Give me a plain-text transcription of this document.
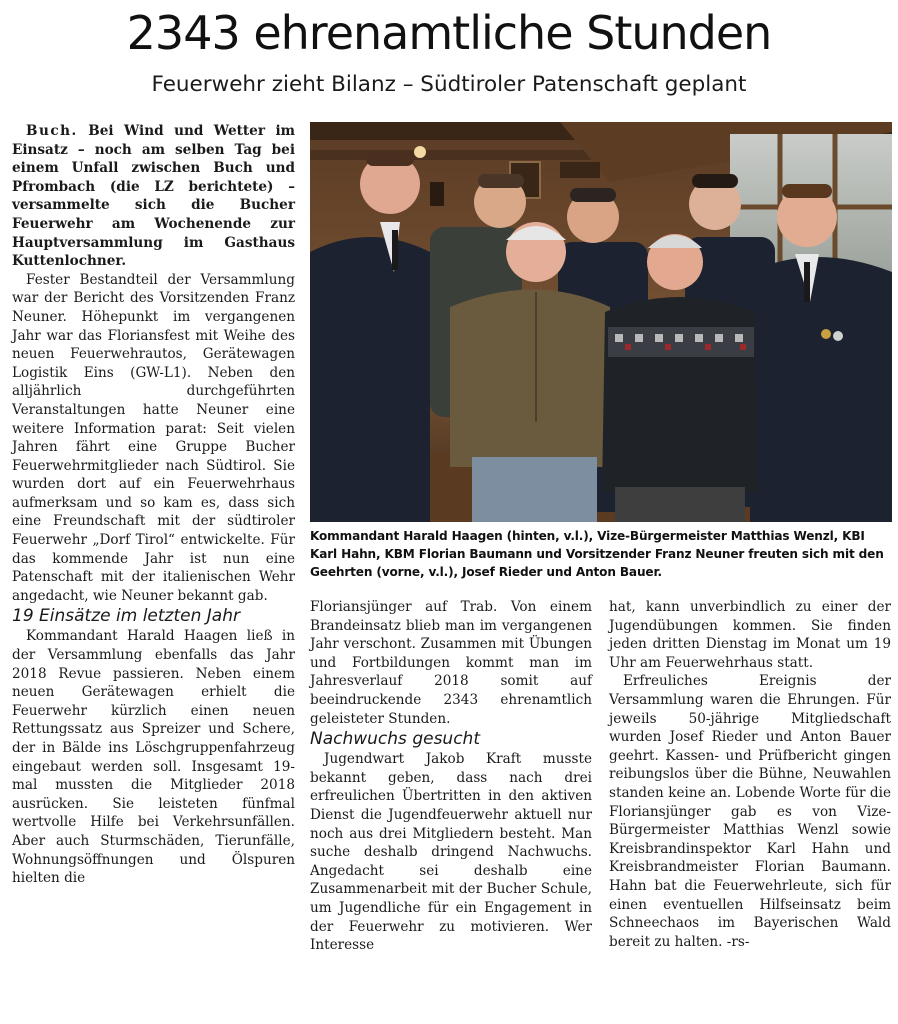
2343 ehrenamtliche Stunden
Feuerwehr zieht Bilanz – Südtiroler Patenschaft geplant

Buch. Bei Wind und Wetter im Einsatz – noch am selben Tag bei einem Unfall zwischen Buch und Pfrombach (die LZ berichtete) – versammelte sich die Bucher Feuerwehr am Wochenende zur Hauptversammlung im Gasthaus Kuttenlochner.

Fester Bestandteil der Versammlung war der Bericht des Vorsitzenden Franz Neuner. Höhepunkt im vergangenen Jahr war das Floriansfest mit Weihe des neuen Feuerwehrautos, Gerätewagen Logistik Eins (GW-L1). Neben den alljährlich durchgeführten Veranstaltungen hatte Neuner eine weitere Information parat: Seit vielen Jahren fährt eine Gruppe Bucher Feuerwehrmitglieder nach Südtirol. Sie wurden dort auf ein Feuerwehrhaus aufmerksam und so kam es, dass sich eine Freundschaft mit der südtiroler Feuerwehr „Dorf Tirol“ entwickelte. Für das kommende Jahr ist nun eine Patenschaft mit der italienischen Wehr angedacht, wie Neuner bekannt gab.

19 Einsätze im letzten Jahr

Kommandant Harald Haagen ließ in der Versammlung ebenfalls das Jahr 2018 Revue passieren. Neben einem neuen Gerätewagen erhielt die Feuerwehr kürzlich einen neuen Rettungssatz aus Spreizer und Schere, der in Bälde ins Löschgruppenfahrzeug eingebaut werden soll. Insgesamt 19-mal mussten die Mitglieder 2018 ausrücken. Sie leisteten fünfmal wertvolle Hilfe bei Verkehrsunfällen. Aber auch Sturmschäden, Tierunfälle, Wohnungsöffnungen und Ölspuren hielten die

Kommandant Harald Haagen (hinten, v.l.), Vize-Bürgermeister Matthias Wenzl, KBI Karl Hahn, KBM Florian Baumann und Vorsitzender Franz Neuner freuten sich mit den Geehrten (vorne, v.l.), Josef Rieder und Anton Bauer.

Floriansjünger auf Trab. Von einem Brandeinsatz blieb man im vergangenen Jahr verschont. Zusammen mit Übungen und Fortbildungen kommt man im Jahresverlauf 2018 somit auf beeindruckende 2343 ehrenamtlich geleisteter Stunden.

Nachwuchs gesucht

Jugendwart Jakob Kraft musste bekannt geben, dass nach drei erfreulichen Übertritten in den aktiven Dienst die Jugendfeuerwehr aktuell nur noch aus drei Mitgliedern besteht. Man suche deshalb dringend Nachwuchs. Angedacht sei deshalb eine Zusammenarbeit mit der Bucher Schule, um Jugendliche für ein Engagement in der Feuerwehr zu motivieren. Wer Interesse

hat, kann unverbindlich zu einer der Jugendübungen kommen. Sie finden jeden dritten Dienstag im Monat um 19 Uhr am Feuerwehrhaus statt.

Erfreuliches Ereignis der Versammlung waren die Ehrungen. Für jeweils 50-jährige Mitgliedschaft wurden Josef Rieder und Anton Bauer geehrt. Kassen- und Prüfbericht gingen reibungslos über die Bühne, Neuwahlen standen keine an. Lobende Worte für die Floriansjünger gab es von Vize-Bürgermeister Matthias Wenzl sowie Kreisbrandinspektor Karl Hahn und Kreisbrandmeister Florian Baumann. Hahn bat die Feuerwehrleute, sich für einen eventuellen Hilfseinsatz beim Schneechaos im Bayerischen Wald bereit zu halten. -rs-
